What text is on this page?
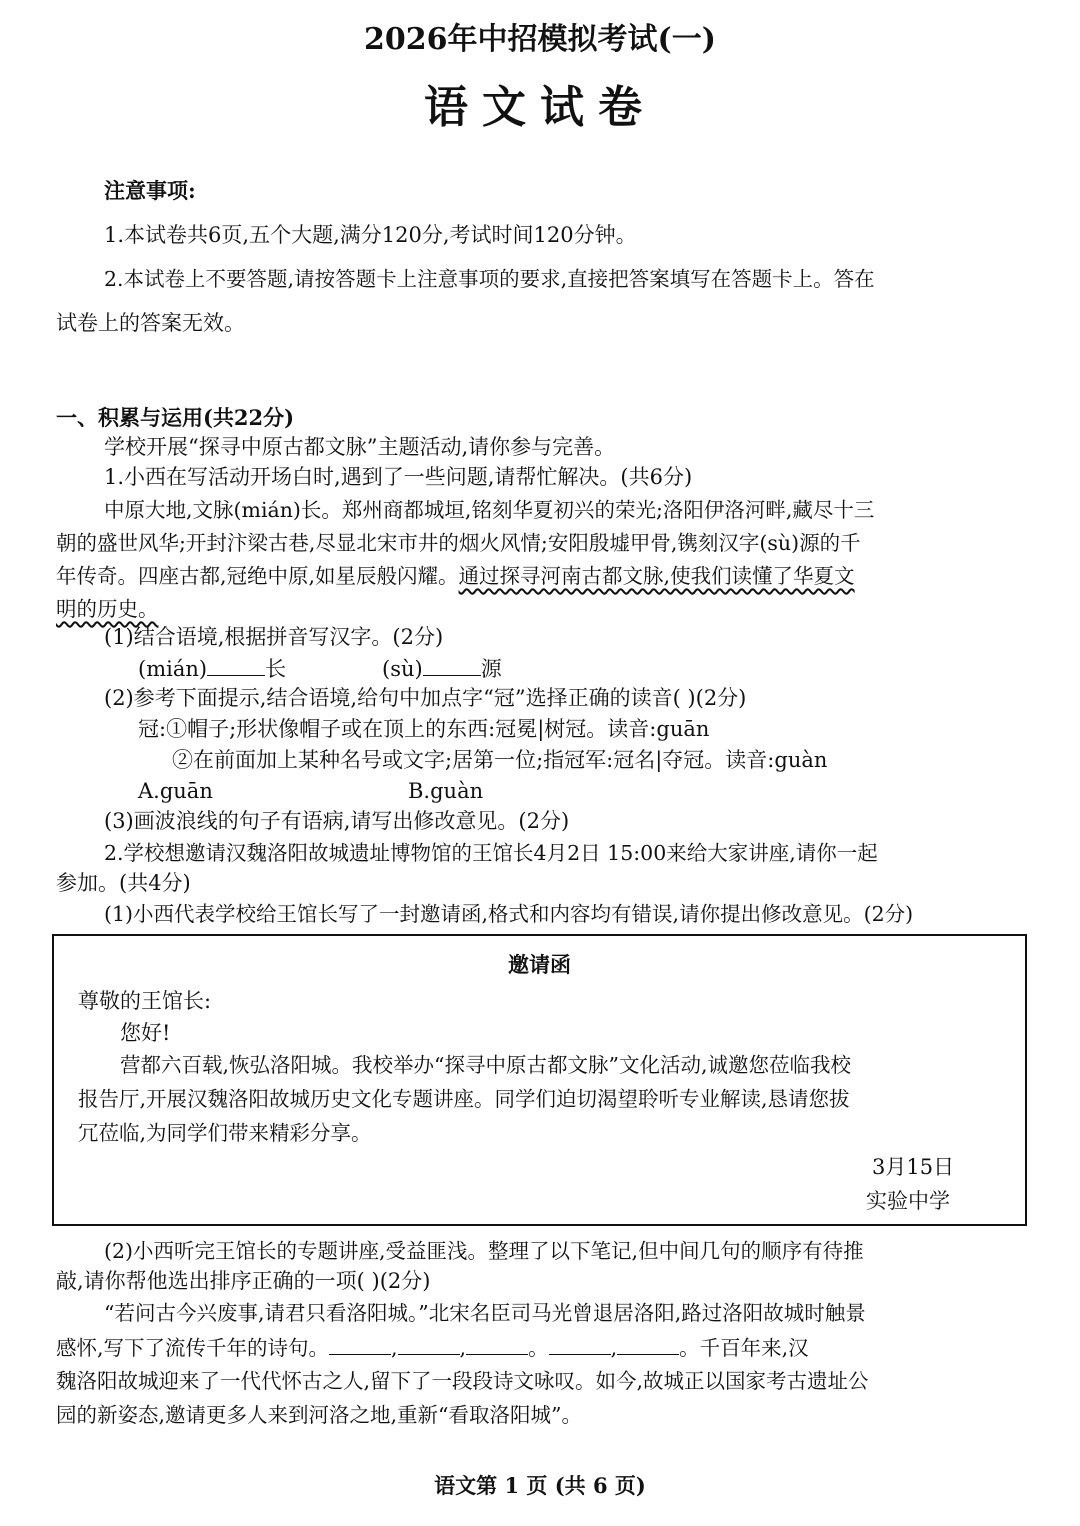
2026年中招模拟考试(一)
语文试卷
注意事项:
1.本试卷共6页,五个大题,满分120分,考试时间120分钟。
2.本试卷上不要答题,请按答题卡上注意事项的要求,直接把答案填写在答题卡上。答在
试卷上的答案无效。
一、积累与运用(共22分)
学校开展“探寻中原古都文脉”主题活动,请你参与完善。
1.小西在写活动开场白时,遇到了一些问题,请帮忙解决。(共6分)
中原大地,文脉(mián)长。郑州商都城垣,铭刻华夏初兴的荣光;洛阳伊洛河畔,藏尽十三
朝的盛世风华;开封汴梁古巷,尽显北宋市井的烟火风情;安阳殷墟甲骨,镌刻汉字(sù)源的千
年传奇。四座古都,冠绝中原,如星辰般闪耀。通过探寻河南古都文脉,使我们读懂了华夏文
明的历史。
(1)结合语境,根据拼音写汉字。(2分)
(mián)	长	(sù)	源
(2)参考下面提示,结合语境,给句中加点字“冠”选择正确的读音( )(2分)
冠:①帽子;形状像帽子或在顶上的东西:冠冕|树冠。读音:guān
②在前面加上某种名号或文字;居第一位;指冠军:冠名|夺冠。读音:guàn
A.guān	B.guàn
(3)画波浪线的句子有语病,请写出修改意见。(2分)
2.学校想邀请汉魏洛阳故城遗址博物馆的王馆长4月2日 15:00来给大家讲座,请你一起
参加。(共4分)
(1)小西代表学校给王馆长写了一封邀请函,格式和内容均有错误,请你提出修改意见。(2分)
邀请函
尊敬的王馆长:
您好!
营都六百载,恢弘洛阳城。我校举办“探寻中原古都文脉”文化活动,诚邀您莅临我校
报告厅,开展汉魏洛阳故城历史文化专题讲座。同学们迫切渴望聆听专业解读,恳请您拔
冗莅临,为同学们带来精彩分享。
3月15日
实验中学
(2)小西听完王馆长的专题讲座,受益匪浅。整理了以下笔记,但中间几句的顺序有待推
敲,请你帮他选出排序正确的一项( )(2分)
“若问古今兴废事,请君只看洛阳城。”北宋名臣司马光曾退居洛阳,路过洛阳故城时触景
感怀,写下了流传千年的诗句。	,	,	。	,	。千百年来,汉
魏洛阳故城迎来了一代代怀古之人,留下了一段段诗文咏叹。如今,故城正以国家考古遗址公
园的新姿态,邀请更多人来到河洛之地,重新“看取洛阳城”。
语文第 1 页 (共 6 页)
